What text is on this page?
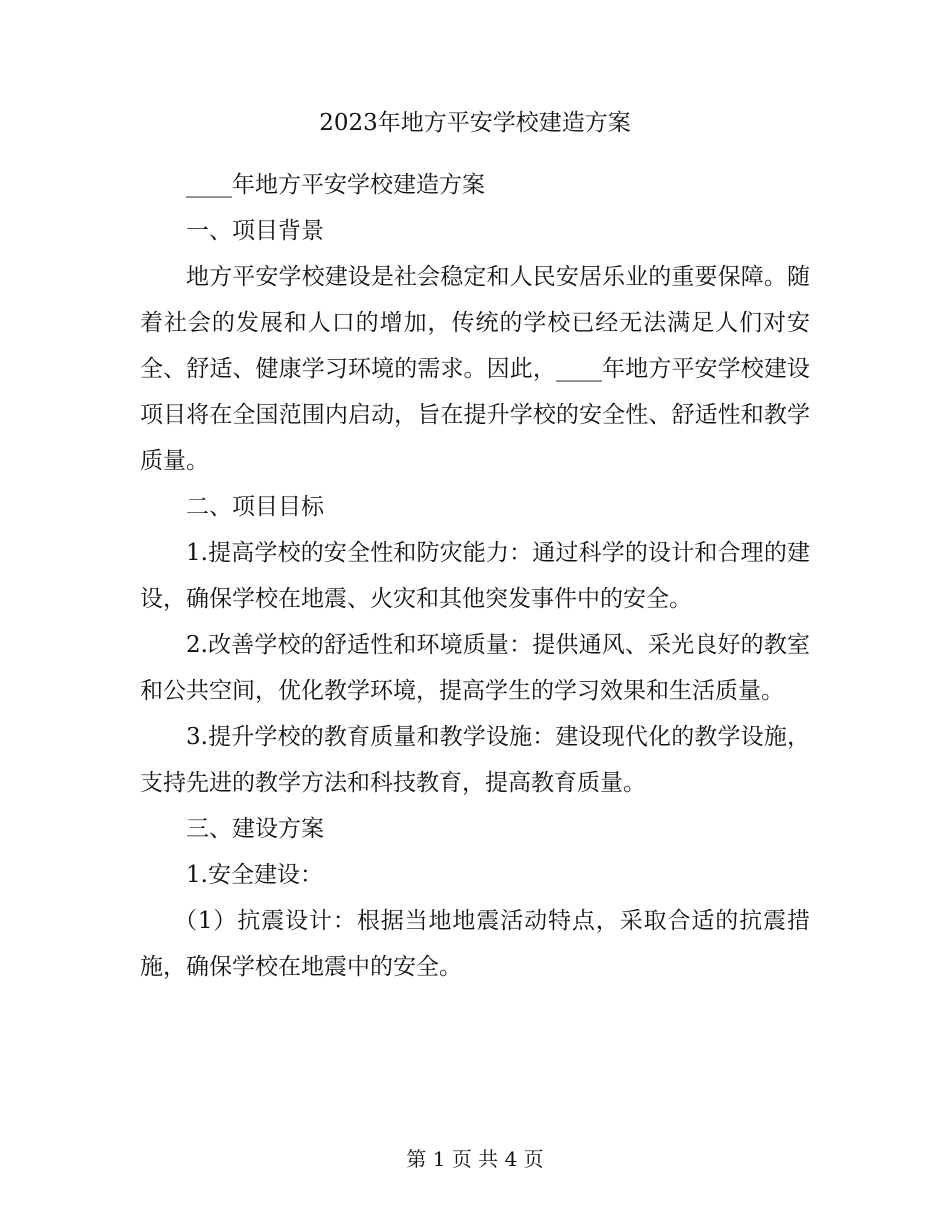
2023年地方平安学校建造方案

____年地方平安学校建造方案

一、项目背景

地方平安学校建设是社会稳定和人民安居乐业的重要保障。随着社会的发展和人口的增加，传统的学校已经无法满足人们对安全、舒适、健康学习环境的需求。因此，____年地方平安学校建设项目将在全国范围内启动，旨在提升学校的安全性、舒适性和教学质量。

二、项目目标

1.提高学校的安全性和防灾能力：通过科学的设计和合理的建设，确保学校在地震、火灾和其他突发事件中的安全。

2.改善学校的舒适性和环境质量：提供通风、采光良好的教室和公共空间，优化教学环境，提高学生的学习效果和生活质量。

3.提升学校的教育质量和教学设施：建设现代化的教学设施，支持先进的教学方法和科技教育，提高教育质量。

三、建设方案

1.安全建设：

（1）抗震设计：根据当地地震活动特点，采取合适的抗震措施，确保学校在地震中的安全。

第 1 页 共 4 页
